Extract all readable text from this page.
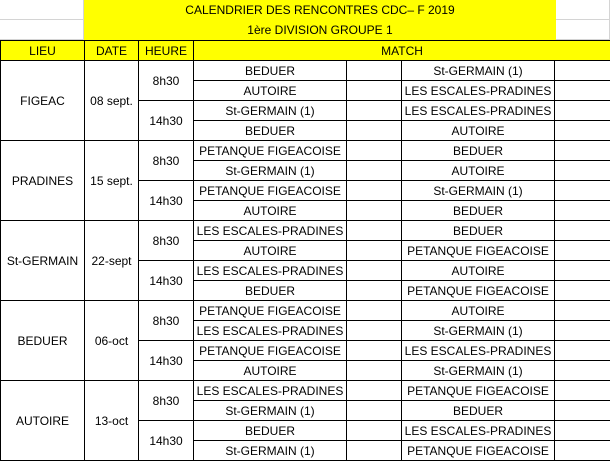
CALENDRIER DES RENCONTRES CDC– F 2019
1ère DIVISION GROUPE 1
LIEU	DATE	HEURE	MATCH			
FIGEAC	08 sept.	8h30	BEDUER		St-GERMAIN (1)	
			AUTOIRE		LES ESCALES-PRADINES	
		14h30	St-GERMAIN (1)		LES ESCALES-PRADINES	
			BEDUER		AUTOIRE	
PRADINES	15 sept.	8h30	PETANQUE FIGEACOISE		BEDUER	
			St-GERMAIN (1)		AUTOIRE	
		14h30	PETANQUE FIGEACOISE		St-GERMAIN (1)	
			AUTOIRE		BEDUER	
St-GERMAIN	22-sept	8h30	LES ESCALES-PRADINES		BEDUER	
			AUTOIRE		PETANQUE FIGEACOISE	
		14h30	LES ESCALES-PRADINES		AUTOIRE	
			BEDUER		PETANQUE FIGEACOISE	
BEDUER	06-oct	8h30	PETANQUE FIGEACOISE		AUTOIRE	
			LES ESCALES-PRADINES		St-GERMAIN (1)	
		14h30	PETANQUE FIGEACOISE		LES ESCALES-PRADINES	
			AUTOIRE		St-GERMAIN (1)	
AUTOIRE	13-oct	8h30	LES ESCALES-PRADINES		PETANQUE FIGEACOISE	
			St-GERMAIN (1)		BEDUER	
		14h30	BEDUER		LES ESCALES-PRADINES	
			St-GERMAIN (1)		PETANQUE FIGEACOISE	
